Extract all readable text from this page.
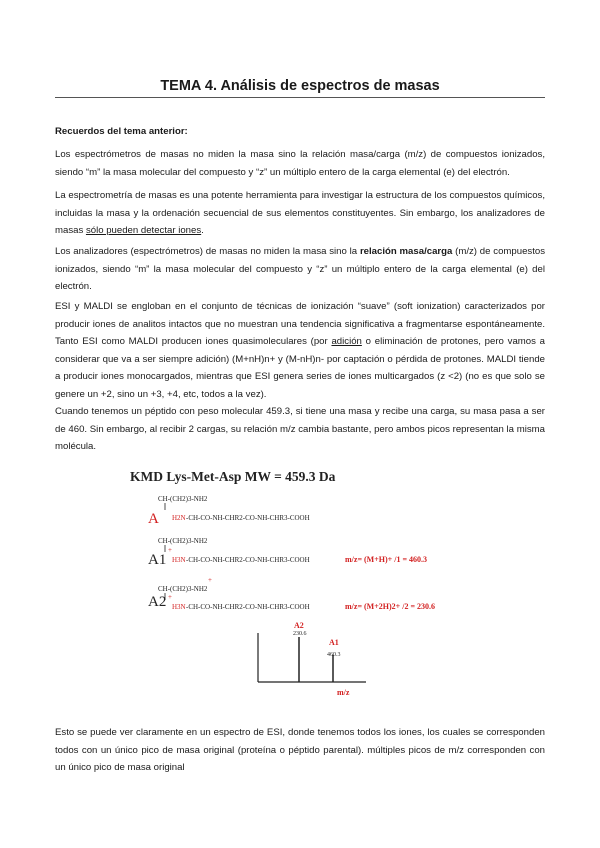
TEMA 4. Análisis de espectros de masas
Recuerdos del tema anterior:
Los espectrómetros de masas no miden la masa sino la relación masa/carga (m/z) de compuestos ionizados, siendo “m” la masa molecular del compuesto y “z” un múltiplo entero de la carga elemental (e) del electrón.
La espectrometría de masas es una potente herramienta para investigar la estructura de los compuestos químicos, incluidas la masa y la ordenación secuencial de sus elementos constituyentes. Sin embargo, los analizadores de masas sólo pueden detectar iones.
Los analizadores (espectrómetros) de masas no miden la masa sino la relación masa/carga (m/z) de compuestos ionizados, siendo “m” la masa molecular del compuesto y “z” un múltiplo entero de la carga elemental (e) del electrón.
ESI y MALDI se engloban en el conjunto de técnicas de ionización “suave” (soft ionization) caracterizados por producir iones de analitos intactos que no muestran una tendencia significativa a fragmentarse espontáneamente. Tanto ESI como MALDI producen iones quasimoleculares (por adición o eliminación de protones, pero vamos a considerar que va a ser siempre adición) (M+nH)n+ y (M-nH)n- por captación o pérdida de protones. MALDI tiende a producir iones monocargados, mientras que ESI genera series de iones multicargados (z <2) (no es que solo se genere un +2, sino un +3, +4, etc, todos a la vez).
Cuando tenemos un péptido con peso molecular 459.3, si tiene una masa y recibe una carga, su masa pasa a ser de 460. Sin embargo, al recibir 2 cargas, su relación m/z cambia bastante, pero ambos picos representan la misma molécula.
KMD Lys-Met-Asp MW = 459.3 Da
CH-(CH2)3-NH2
A H2N -CH-CO-NH-CHR2-CO-NH-CHR3-COOH
CH-(CH2)3-NH2
+
A1 H3N -CH-CO-NH-CHR2-CO-NH-CHR3-COOH	m/z= (M+H)+ /1 = 460.3
+
CH-(CH2)3-NH2
+
A2 H3N -CH-CO-NH-CHR2-CO-NH-CHR3-COOH	m/z= (M+2H)2+ /2 = 230.6
A2
230.6
A1
460.3
m/z
Esto se puede ver claramente en un espectro de ESI, donde tenemos todos los iones, los cuales se corresponden todos con un único pico de masa original (proteína o péptido parental). múltiples picos de m/z corresponden con un único pico de masa original
